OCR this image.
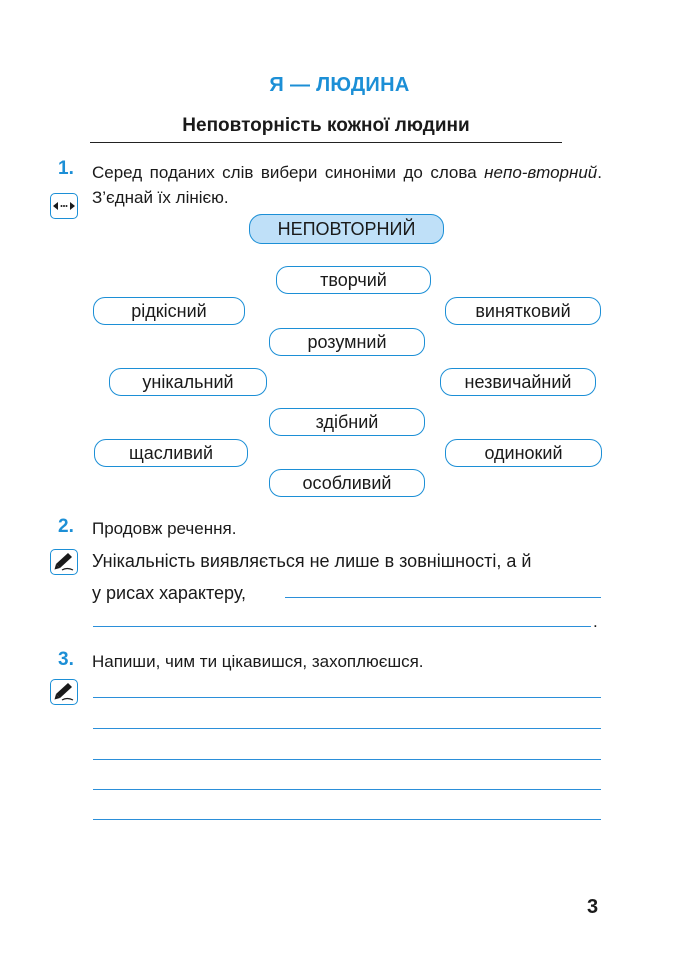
Я — ЛЮДИНА
Неповторність кожної людини
1. Серед поданих слів вибери синоніми до слова непо-вторний. З’єднай їх лінією.
НЕПОВТОРНИЙ
творчий
рідкісний	винятковий
розумний
унікальний	незвичайний
здібний
щасливий	одинокий
особливий
2. Продовж речення.
Унікальність виявляється не лише в зовнішності, а й
у рисах характеру,
.
3. Напиши, чим ти цікавишся, захоплюєшся.
3
